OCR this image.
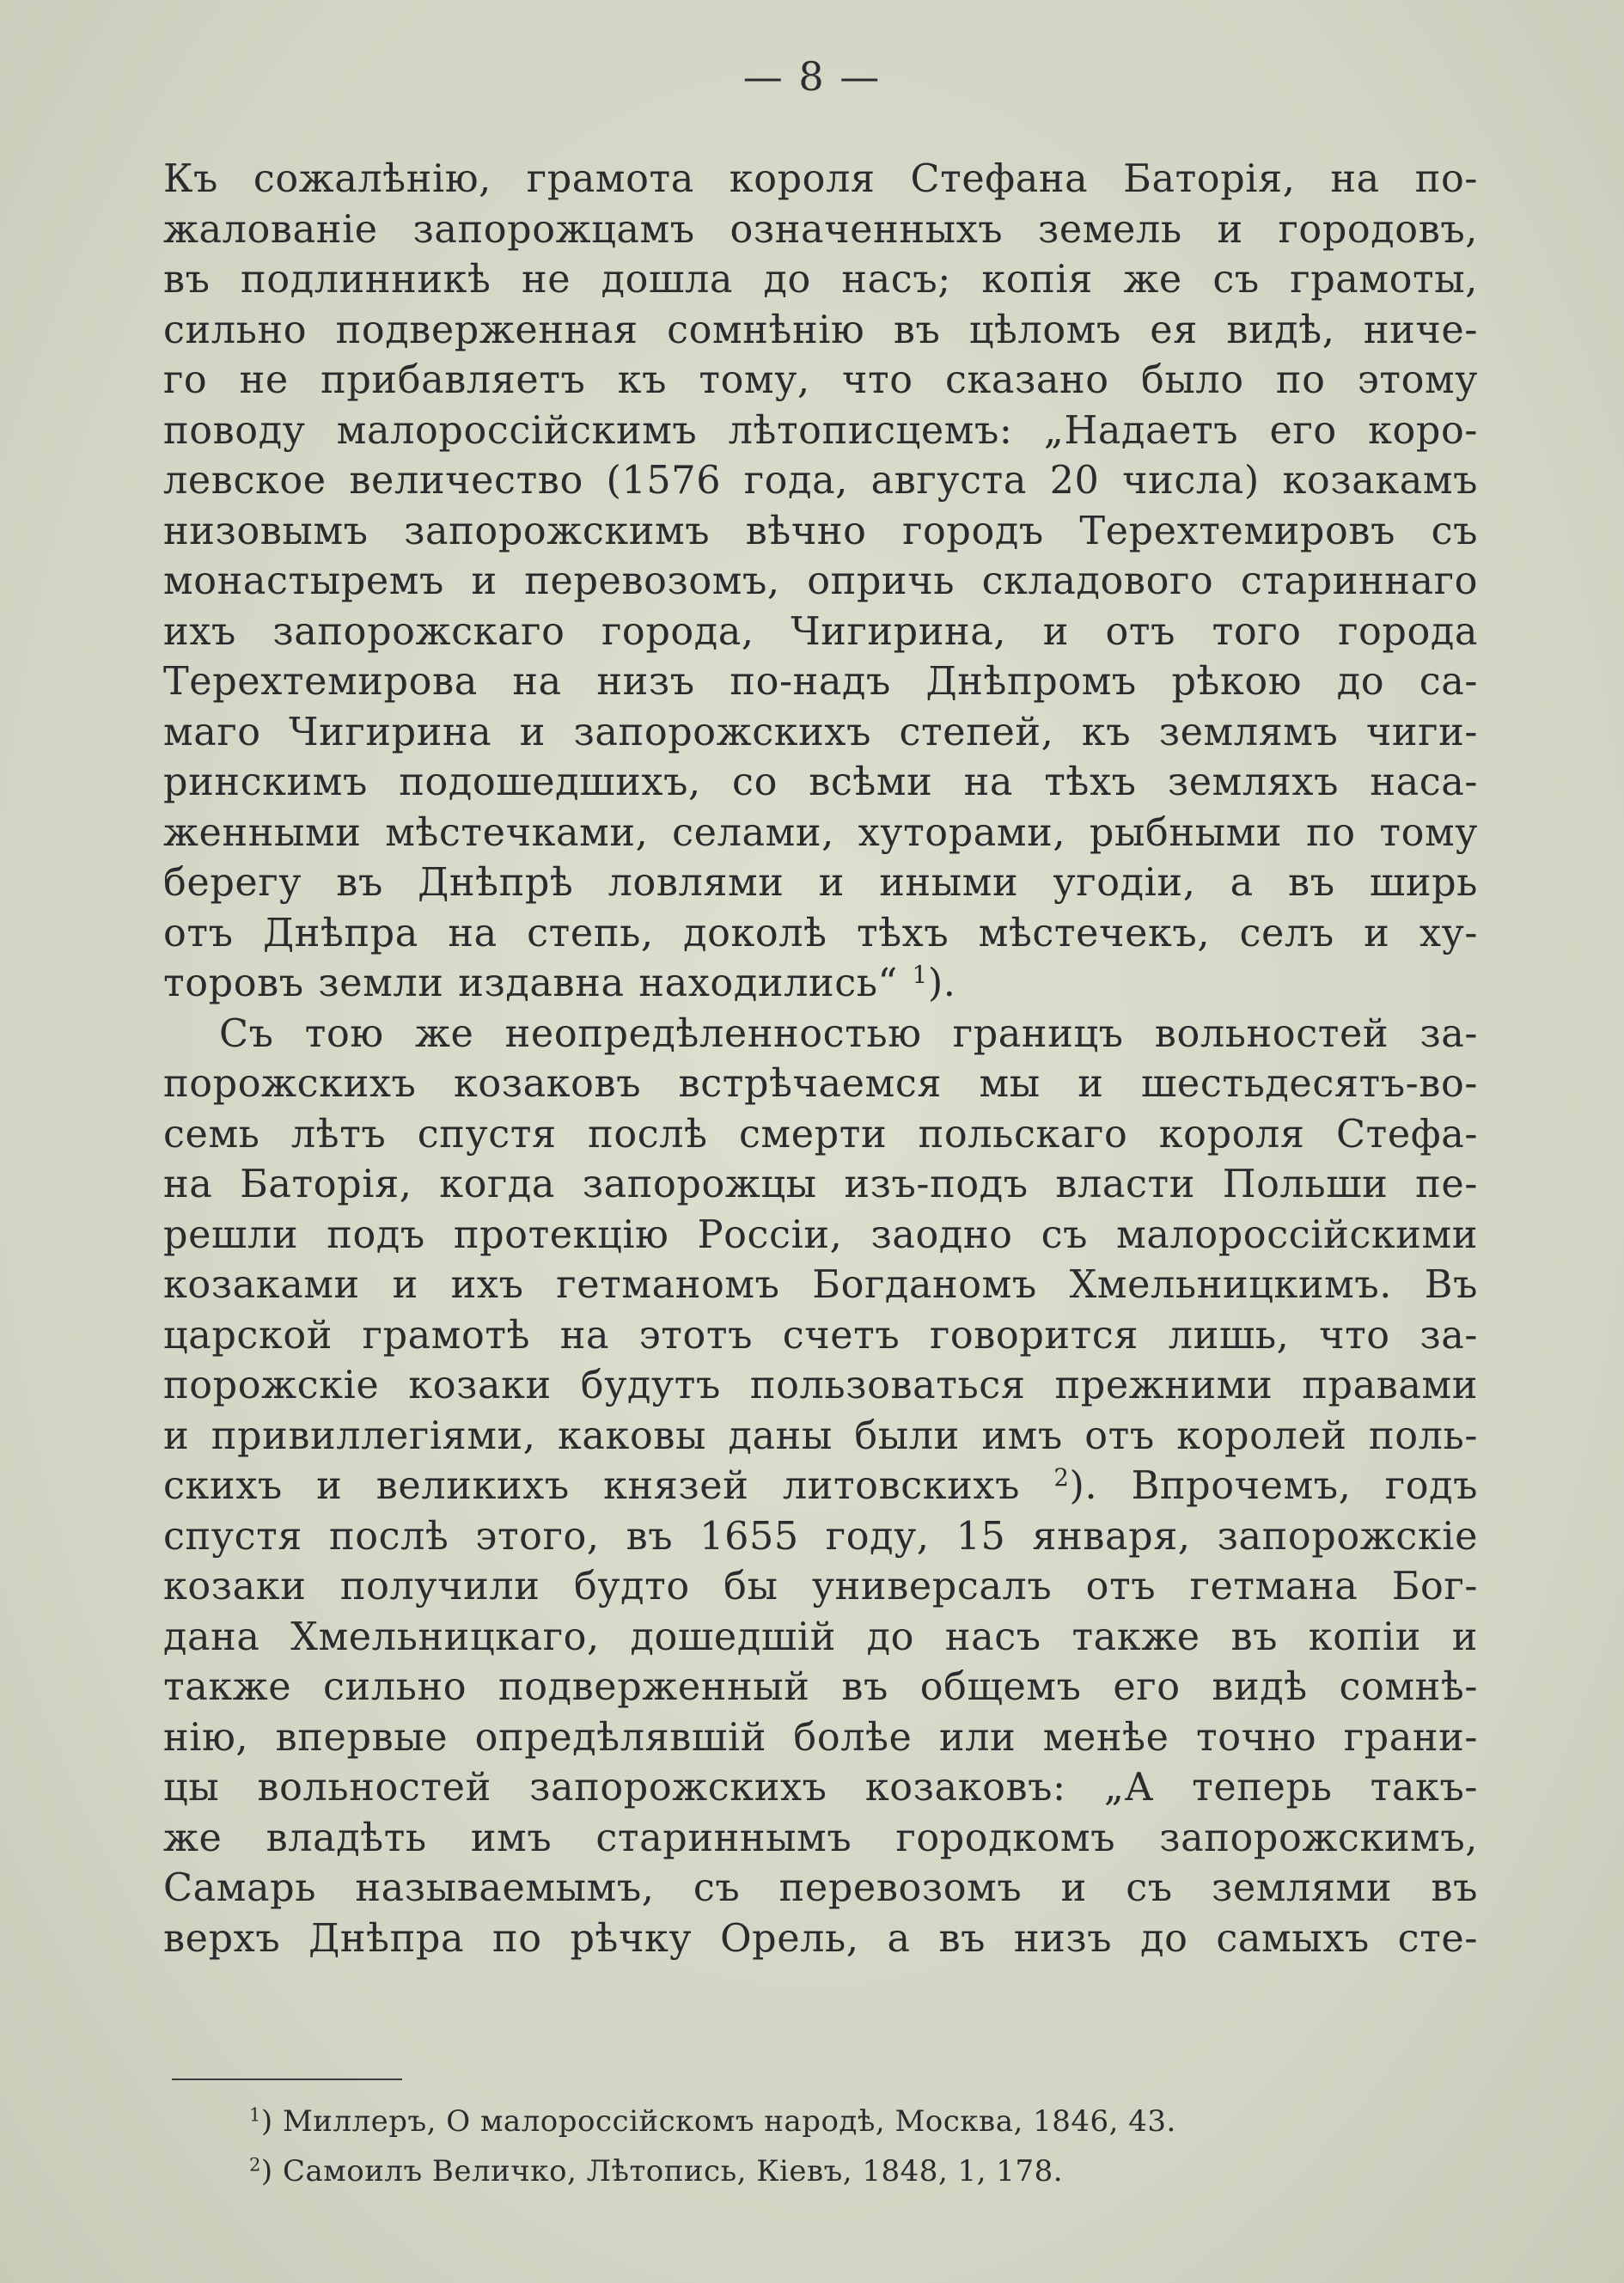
— 8 —
Къ сожалѣнію, грамота короля Стефана Баторія, на по-
жалованіе запорожцамъ означенныхъ земель и городовъ,
въ подлинникѣ не дошла до насъ; копія же съ грамоты,
сильно подверженная сомнѣнію въ цѣломъ ея видѣ, ниче-
го не прибавляетъ къ тому, что сказано было по этому
поводу малороссійскимъ лѣтописцемъ: „Надаетъ его коро-
левское величество (1576 года, августа 20 числа) козакамъ
низовымъ запорожскимъ вѣчно городъ Терехтемировъ съ
монастыремъ и перевозомъ, опричь складового стариннаго
ихъ запорожскаго города, Чигирина, и отъ того города
Терехтемирова на низъ по-надъ Днѣпромъ рѣкою до са-
маго Чигирина и запорожскихъ степей, къ землямъ чиги-
ринскимъ подошедшихъ, со всѣми на тѣхъ земляхъ наса-
женными мѣстечками, селами, хуторами, рыбными по тому
берегу въ Днѣпрѣ ловлями и иными угодіи, а въ ширь
отъ Днѣпра на степь, доколѣ тѣхъ мѣстечекъ, селъ и ху-
торовъ земли издавна находились“ $^1$).
Съ тою же неопредѣленностью границъ вольностей за-
порожскихъ козаковъ встрѣчаемся мы и шестьдесятъ-во-
семь лѣтъ спустя послѣ смерти польскаго короля Стефа-
на Баторія, когда запорожцы изъ-подъ власти Польши пе-
решли подъ протекцію Россіи, заодно съ малороссійскими
козаками и ихъ гетманомъ Богданомъ Хмельницкимъ. Въ
царской грамотѣ на этотъ счетъ говорится лишь, что за-
порожскіе козаки будутъ пользоваться прежними правами
и привиллегіями, каковы даны были имъ отъ королей поль-
скихъ и великихъ князей литовскихъ $^2$). Впрочемъ, годъ
спустя послѣ этого, въ 1655 году, 15 января, запорожскіе
козаки получили будто бы универсалъ отъ гетмана Бог-
дана Хмельницкаго, дошедшій до насъ также въ копіи и
также сильно подверженный въ общемъ его видѣ сомнѣ-
нію, впервые опредѣлявшій болѣе или менѣе точно грани-
цы вольностей запорожскихъ козаковъ: „А теперь такъ-
же владѣть имъ стариннымъ городкомъ запорожскимъ,
Самарь называемымъ, съ перевозомъ и съ землями въ
верхъ Днѣпра по рѣчку Орель, а въ низъ до самыхъ сте-
$^1$) Миллеръ, О малороссійскомъ народѣ, Москва, 1846, 43.
$^2$) Самоилъ Величко, Лѣтопись, Кіевъ, 1848, 1, 178.
